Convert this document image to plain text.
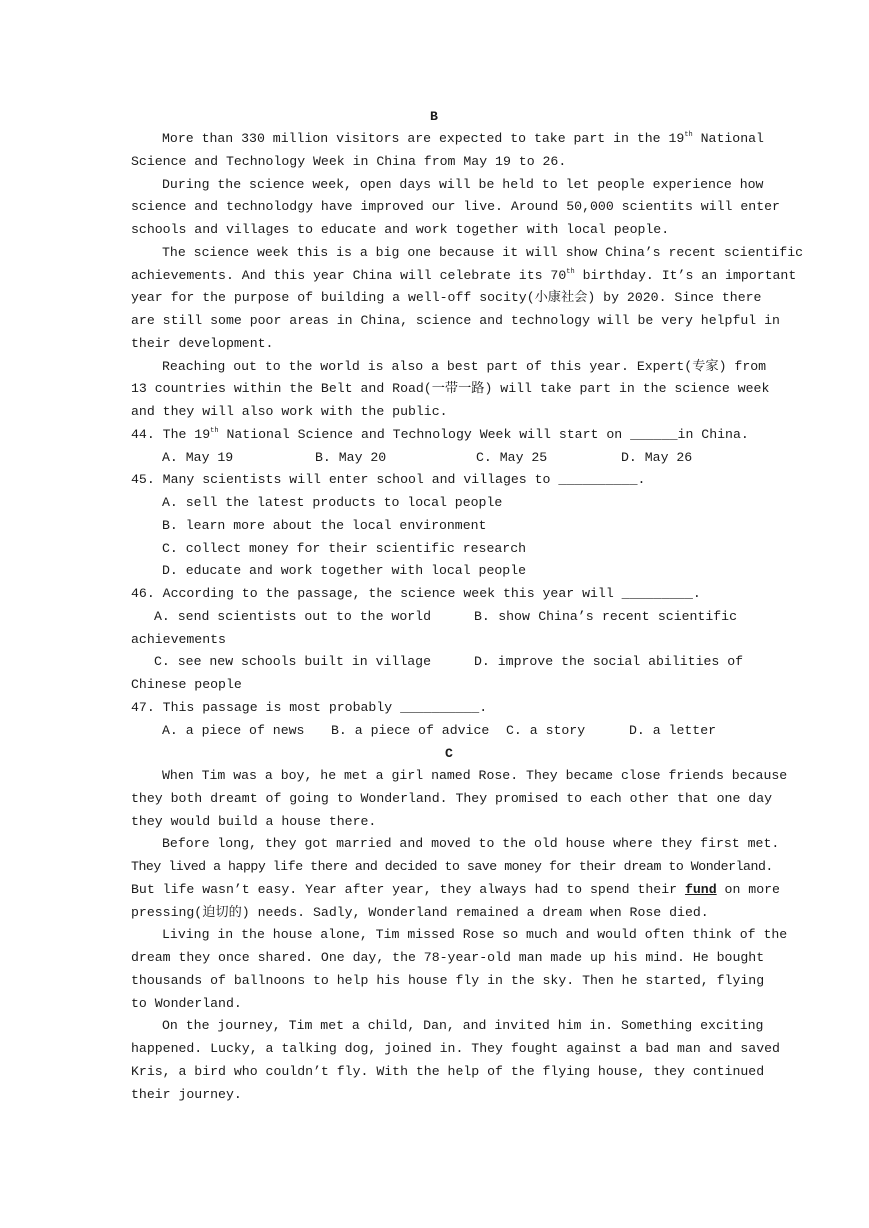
B
More than 330 million visitors are expected to take part in the 19th National
Science and Technology Week in China from May 19 to 26.
During the science week, open days will be held to let people experience how
science and technolodgy have improved our live. Around 50,000 scientits will enter
schools and villages to educate and work together with local people.
The science week this is a big one because it will show China’s recent scientific
achievements. And this year China will celebrate its 70th birthday. It’s an important
year for the purpose of building a well-off socity(小康社会) by 2020. Since there
are still some poor areas in China, science and technology will be very helpful in
their development.
Reaching out to the world is also a best part of this year. Expert(专家) from
13 countries within the Belt and Road(一带一路) will take part in the science week
and they will also work with the public.
44. The 19th National Science and Technology Week will start on ______in China.
A. May 19	B. May 20	C. May 25	D. May 26
45. Many scientists will enter school and villages to __________.
A. sell the latest products to local people
B. learn more about the local environment
C. collect money for their scientific research
D. educate and work together with local people
46. According to the passage, the science week this year will _________.
A. send scientists out to the world	B. show China’s recent scientific
achievements
C. see new schools built in village	D. improve the social abilities of
Chinese people
47. This passage is most probably __________.
A. a piece of news B. a piece of advice C. a story	D. a letter
C
When Tim was a boy, he met a girl named Rose. They became close friends because
they both dreamt of going to Wonderland. They promised to each other that one day
they would build a house there.
Before long, they got married and moved to the old house where they first met.
They lived a happy life there and decided to save money for their dream to Wonderland.
But life wasn’t easy. Year after year, they always had to spend their fund on more
pressing(迫切的) needs. Sadly, Wonderland remained a dream when Rose died.
Living in the house alone, Tim missed Rose so much and would often think of the
dream they once shared. One day, the 78-year-old man made up his mind. He bought
thousands of ballnoons to help his house fly in the sky. Then he started, flying
to Wonderland.
On the journey, Tim met a child, Dan, and invited him in. Something exciting
happened. Lucky, a talking dog, joined in. They fought against a bad man and saved
Kris, a bird who couldn’t fly. With the help of the flying house, they continued
their journey.
